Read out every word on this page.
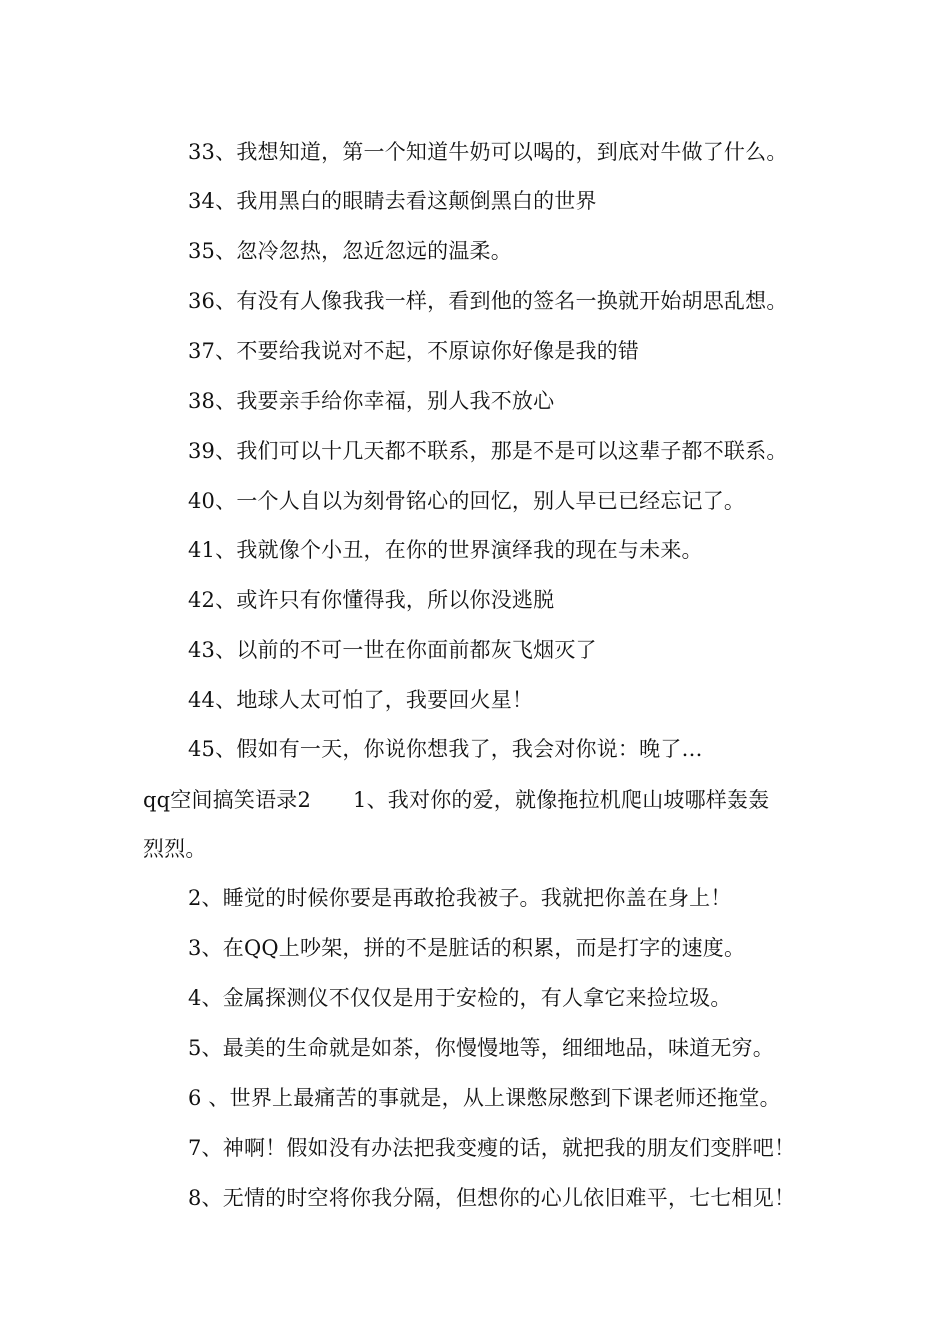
33、我想知道，第一个知道牛奶可以喝的，到底对牛做了什么。
34、我用黑白的眼睛去看这颠倒黑白的世界
35、忽冷忽热，忽近忽远的温柔。
36、有没有人像我我一样，看到他的签名一换就开始胡思乱想。
37、不要给我说对不起，不原谅你好像是我的错
38、我要亲手给你幸福，别人我不放心
39、我们可以十几天都不联系，那是不是可以这辈子都不联系。
40、一个人自以为刻骨铭心的回忆，别人早已已经忘记了。
41、我就像个小丑，在你的世界演绎我的现在与未来。
42、或许只有你懂得我，所以你没逃脱
43、以前的不可一世在你面前都灰飞烟灭了
44、地球人太可怕了，我要回火星！
45、假如有一天，你说你想我了，我会对你说：晚了…
qq空间搞笑语录2 1、我对你的爱，就像拖拉机爬山坡哪样轰轰
烈烈。
2、睡觉的时候你要是再敢抢我被子。我就把你盖在身上！
3、在QQ上吵架，拼的不是脏话的积累，而是打字的速度。
4、金属探测仪不仅仅是用于安检的，有人拿它来捡垃圾。
5、最美的生命就是如茶，你慢慢地等，细细地品，味道无穷。
6 、世界上最痛苦的事就是，从上课憋尿憋到下课老师还拖堂。
7、神啊！假如没有办法把我变瘦的话，就把我的朋友们变胖吧！
8、无情的时空将你我分隔，但想你的心儿依旧难平，七七相见！
